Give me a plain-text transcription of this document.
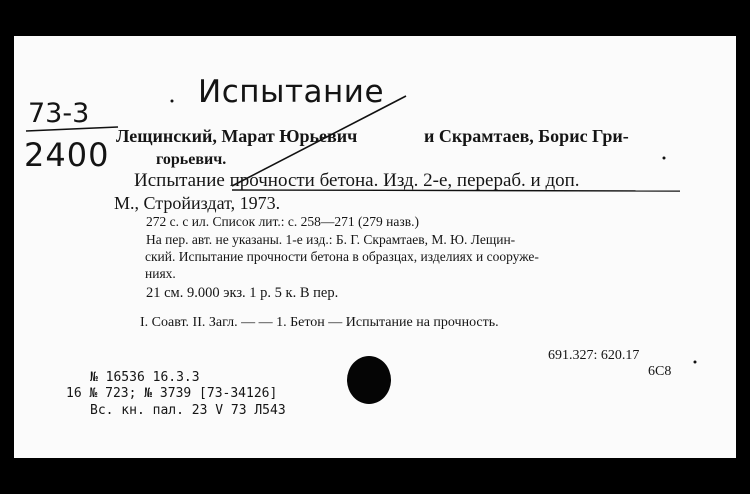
Испытание
73-3
2400 Лещинский, Марат Юрьевич	и Скрамтаев, Борис Гри-
горьевич.
Испытание прочности бетона. Изд. 2-е, перераб. и доп.
М., Стройиздат, 1973.
272 с. с ил. Список лит.: с. 258—271 (279 назв.)
На пер. авт. не указаны. 1-е изд.: Б. Г. Скрамтаев, М. Ю. Лещин-
ский. Испытание прочности бетона в образцах, изделиях и сооруже-
ниях.
21 см. 9.000 экз. 1 р. 5 к. В пер.
I. Соавт. II. Загл. — — 1. Бетон — Испытание на прочность.
691.327: 620.17
6С8
№ 16536 16.3.3
16 № 723; № 3739 [73-34126]
Вс. кн. пал. 23 V 73 Л543
